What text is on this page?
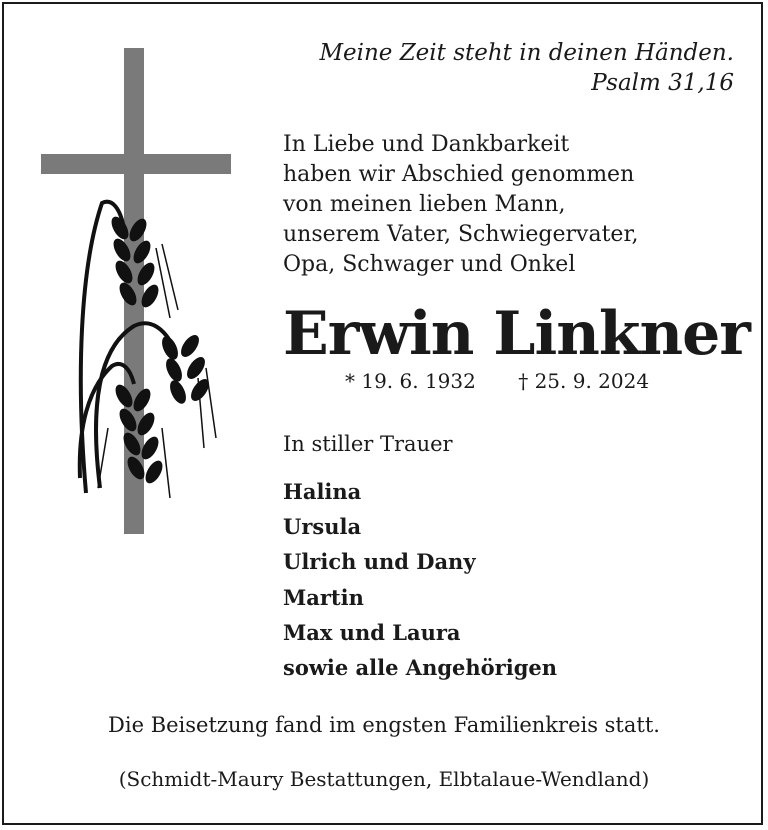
Meine Zeit steht in deinen Händen.
Psalm 31,16
In Liebe und Dankbarkeit
haben wir Abschied genommen
von meinen lieben Mann,
unserem Vater, Schwiegervater,
Opa, Schwager und Onkel
Erwin Linkner
* 19. 6. 1932 † 25. 9. 2024
In stiller Trauer
Halina
Ursula
Ulrich und Dany
Martin
Max und Laura
sowie alle Angehörigen
Die Beisetzung fand im engsten Familienkreis statt.
(Schmidt-Maury Bestattungen, Elbtalaue-Wendland)
